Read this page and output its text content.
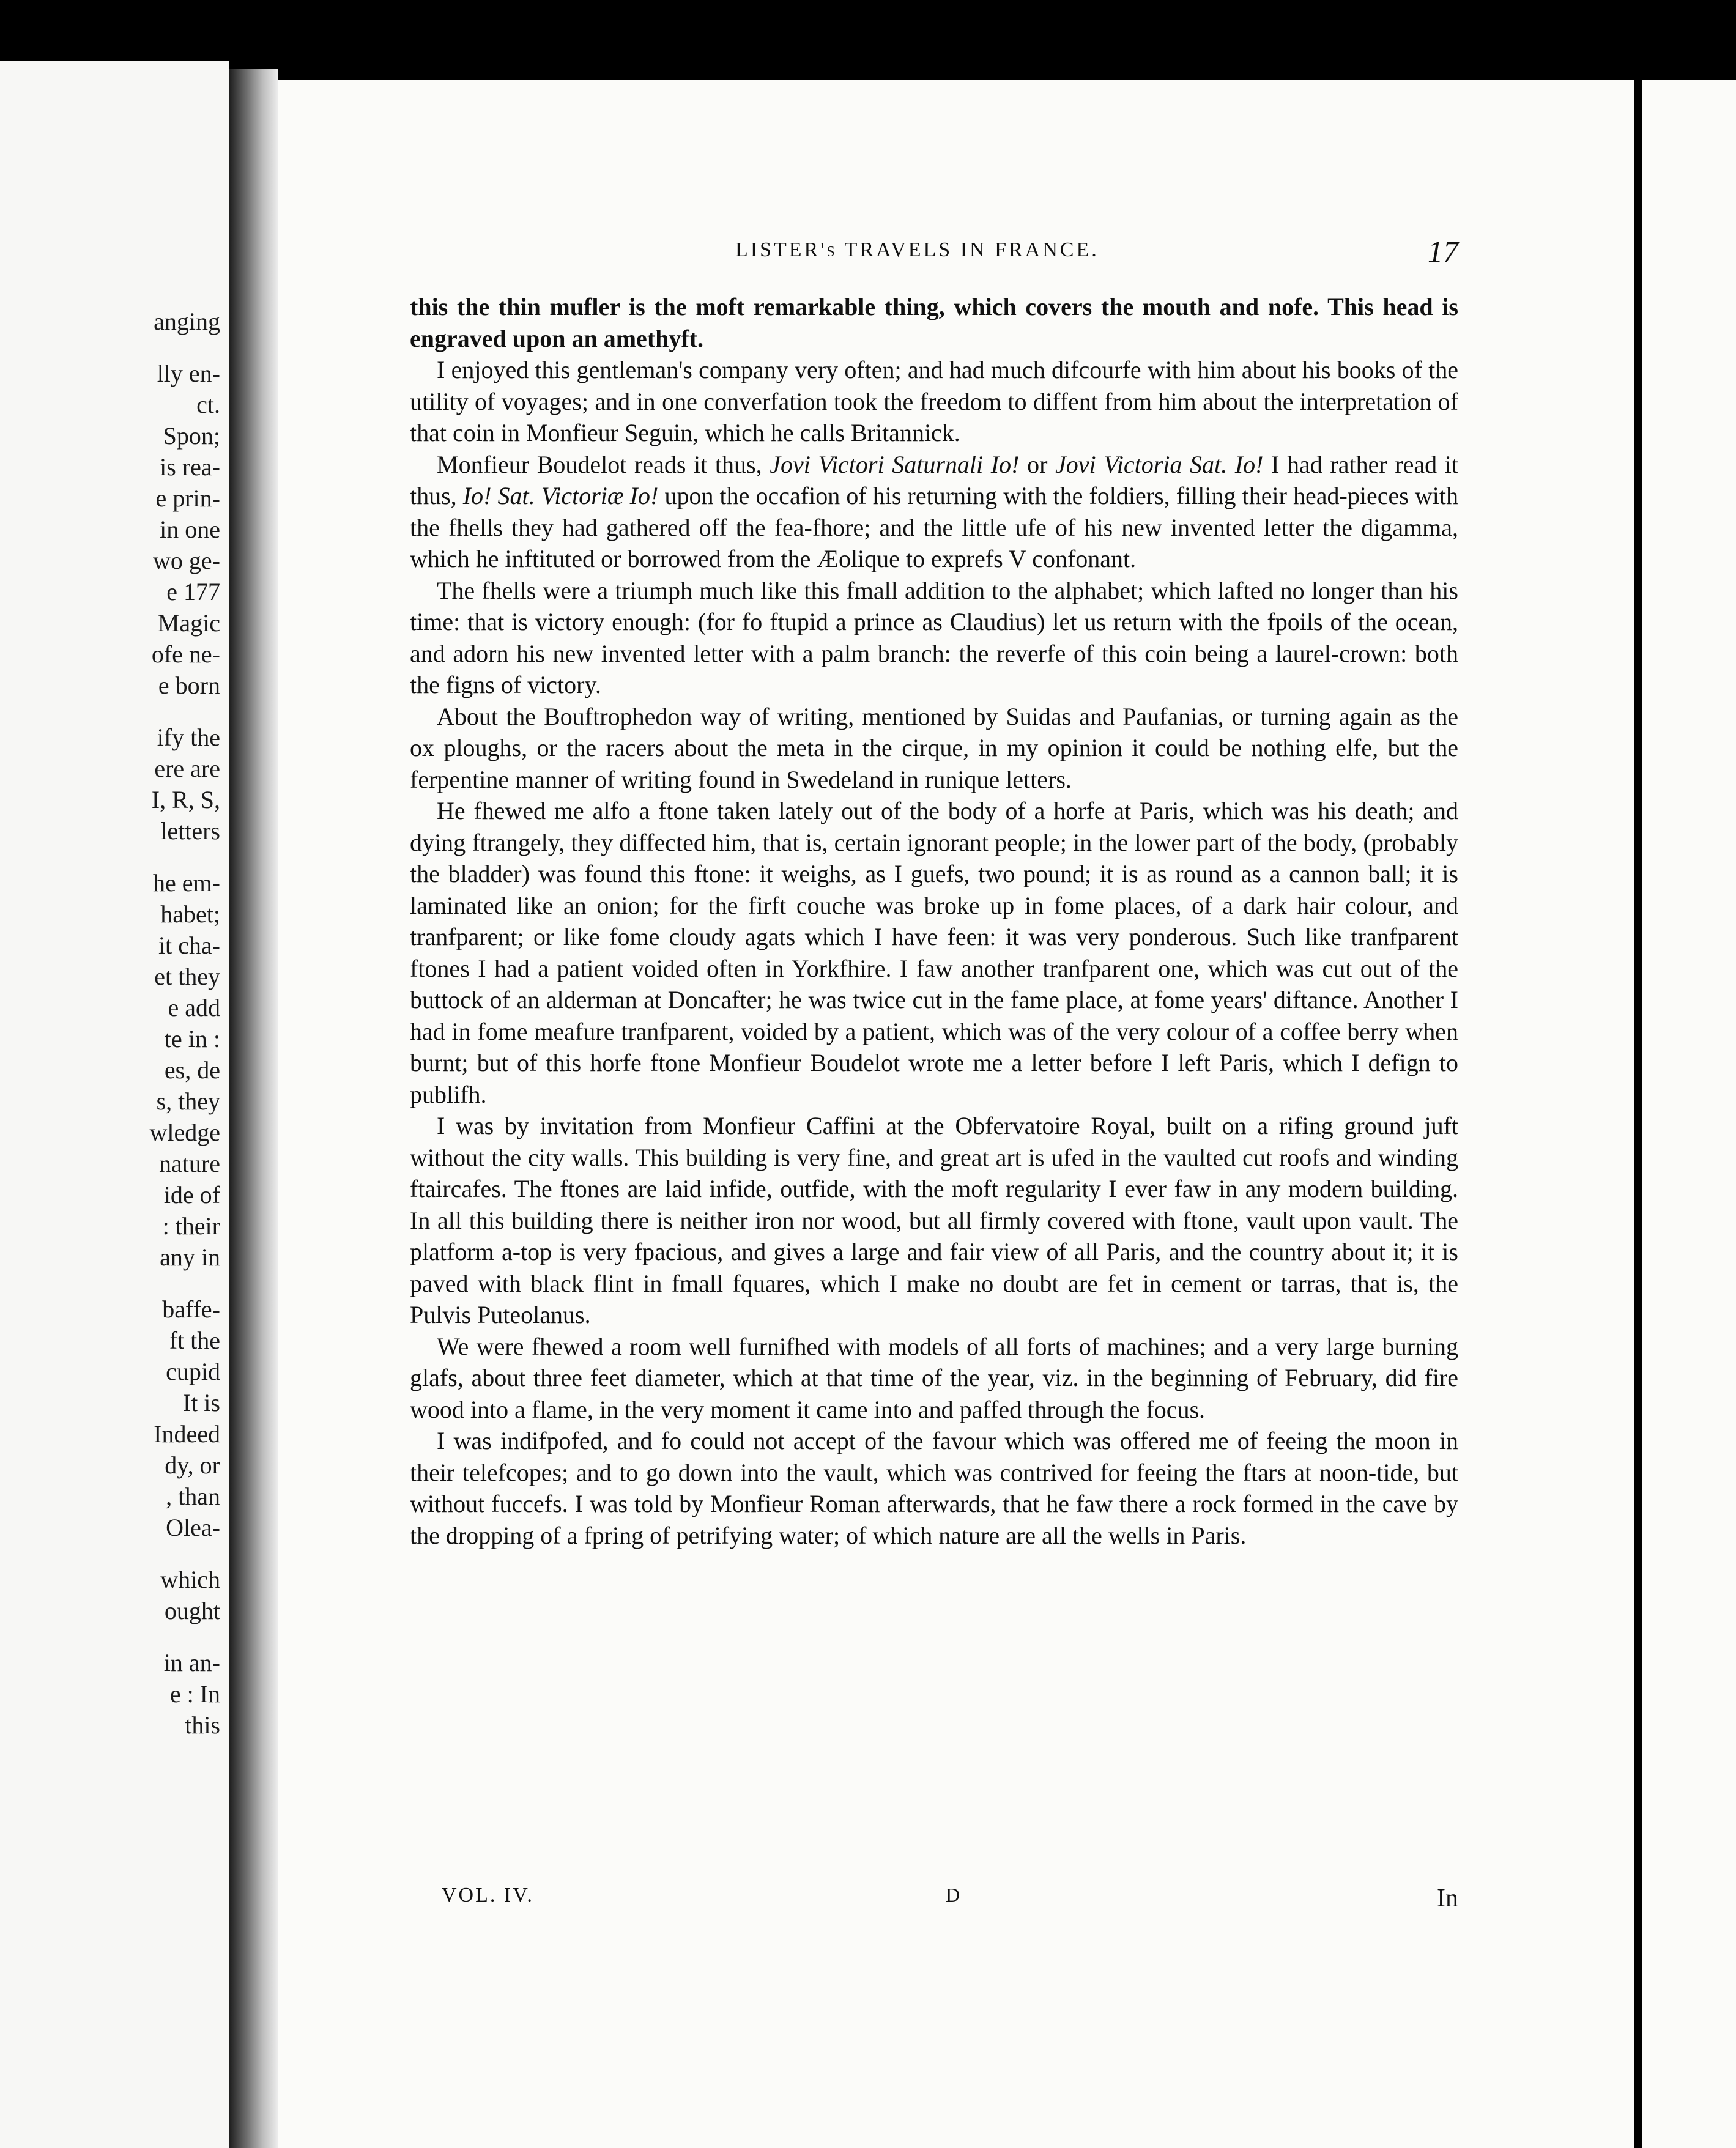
anging
lly en-
ct.
Spon;
is rea-
e prin-
in one
wo ge-
e 177
Magic
ofe ne-
e born
ify the
ere are
I, R, S,
letters
he em-
habet;
it cha-
et they
e add
te in :
es, de
s, they
wledge
nature
ide of
: their
any in
baffe-
ft the
cupid
It is
Indeed
dy, or
, than
Olea-
which
ought
in an-
e : In
this
LISTER's TRAVELS IN FRANCE.	17

this the thin mufler is the moft remarkable thing, which covers the mouth and nofe. This head is engraved upon an amethyft.

I enjoyed this gentleman's company very often; and had much difcourfe with him about his books of the utility of voyages; and in one converfation took the freedom to diffent from him about the interpretation of that coin in Monfieur Seguin, which he calls Britannick.

Monfieur Boudelot reads it thus, Jovi Victori Saturnali Io! or Jovi Victoria Sat. Io! I had rather read it thus, Io! Sat. Victoriæ Io! upon the occafion of his returning with the foldiers, filling their head-pieces with the fhells they had gathered off the fea-fhore; and the little ufe of his new invented letter the digamma, which he inftituted or borrowed from the Æolique to exprefs V confonant.

The fhells were a triumph much like this fmall addition to the alphabet; which lafted no longer than his time: that is victory enough: (for fo ftupid a prince as Claudius) let us return with the fpoils of the ocean, and adorn his new invented letter with a palm branch: the reverfe of this coin being a laurel-crown: both the figns of victory.

About the Bouftrophedon way of writing, mentioned by Suidas and Paufanias, or turning again as the ox ploughs, or the racers about the meta in the cirque, in my opinion it could be nothing elfe, but the ferpentine manner of writing found in Swedeland in runique letters.

He fhewed me alfo a ftone taken lately out of the body of a horfe at Paris, which was his death; and dying ftrangely, they diffected him, that is, certain ignorant people; in the lower part of the body, (probably the bladder) was found this ftone: it weighs, as I guefs, two pound; it is as round as a cannon ball; it is laminated like an onion; for the firft couche was broke up in fome places, of a dark hair colour, and tranfparent; or like fome cloudy agats which I have feen: it was very ponderous. Such like tranfparent ftones I had a patient voided often in Yorkfhire. I faw another tranfparent one, which was cut out of the buttock of an alderman at Doncafter; he was twice cut in the fame place, at fome years' diftance. Another I had in fome meafure tranfparent, voided by a patient, which was of the very colour of a coffee berry when burnt; but of this horfe ftone Monfieur Boudelot wrote me a letter before I left Paris, which I defign to publifh.

I was by invitation from Monfieur Caffini at the Obfervatoire Royal, built on a rifing ground juft without the city walls. This building is very fine, and great art is ufed in the vaulted cut roofs and winding ftaircafes. The ftones are laid infide, outfide, with the moft regularity I ever faw in any modern building. In all this building there is neither iron nor wood, but all firmly covered with ftone, vault upon vault. The platform a-top is very fpacious, and gives a large and fair view of all Paris, and the country about it; it is paved with black flint in fmall fquares, which I make no doubt are fet in cement or tarras, that is, the Pulvis Puteolanus.

We were fhewed a room well furnifhed with models of all forts of machines; and a very large burning glafs, about three feet diameter, which at that time of the year, viz. in the beginning of February, did fire wood into a flame, in the very moment it came into and paffed through the focus.

I was indifpofed, and fo could not accept of the favour which was offered me of feeing the moon in their telefcopes; and to go down into the vault, which was contrived for feeing the ftars at noon-tide, but without fuccefs. I was told by Monfieur Roman afterwards, that he faw there a rock formed in the cave by the dropping of a fpring of petrifying water; of which nature are all the wells in Paris.

VOL. IV.	D	In
